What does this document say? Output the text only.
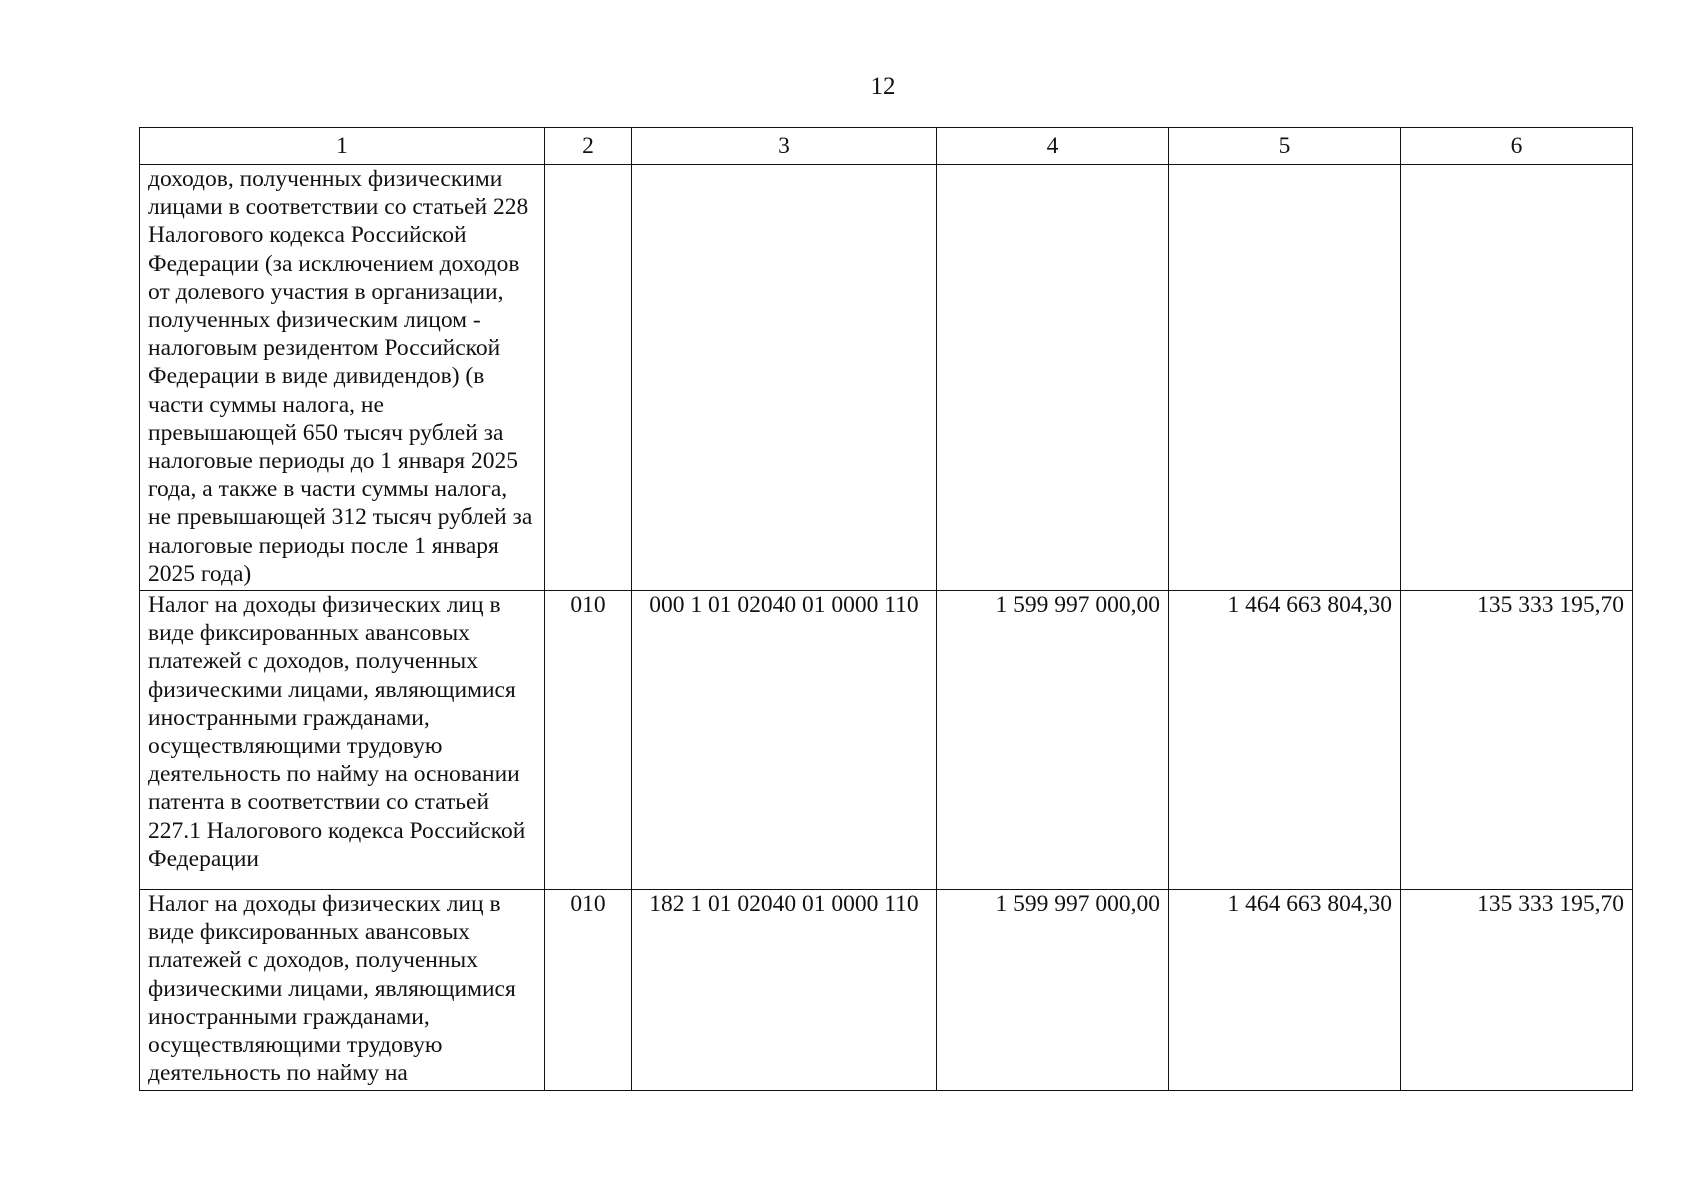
12
1	2	3	4	5	6
доходов, полученных физическими лицами в соответствии со статьей 228 Налогового кодекса Российской Федерации (за исключением доходов от долевого участия в организации, полученных физическим лицом - налоговым резидентом Российской Федерации в виде дивидендов) (в части суммы налога, не превышающей 650 тысяч рублей за налоговые периоды до 1 января 2025 года, а также в части суммы налога, не превышающей 312 тысяч рублей за налоговые периоды после 1 января 2025 года)					
Налог на доходы физических лиц в виде фиксированных авансовых платежей с доходов, полученных физическими лицами, являющимися иностранными гражданами, осуществляющими трудовую деятельность по найму на основании патента в соответствии со статьей 227.1 Налогового кодекса Российской Федерации	010	000 1 01 02040 01 0000 110	1 599 997 000,00	1 464 663 804,30	135 333 195,70
Налог на доходы физических лиц в виде фиксированных авансовых платежей с доходов, полученных физическими лицами, являющимися иностранными гражданами, осуществляющими трудовую деятельность по найму на	010	182 1 01 02040 01 0000 110	1 599 997 000,00	1 464 663 804,30	135 333 195,70
